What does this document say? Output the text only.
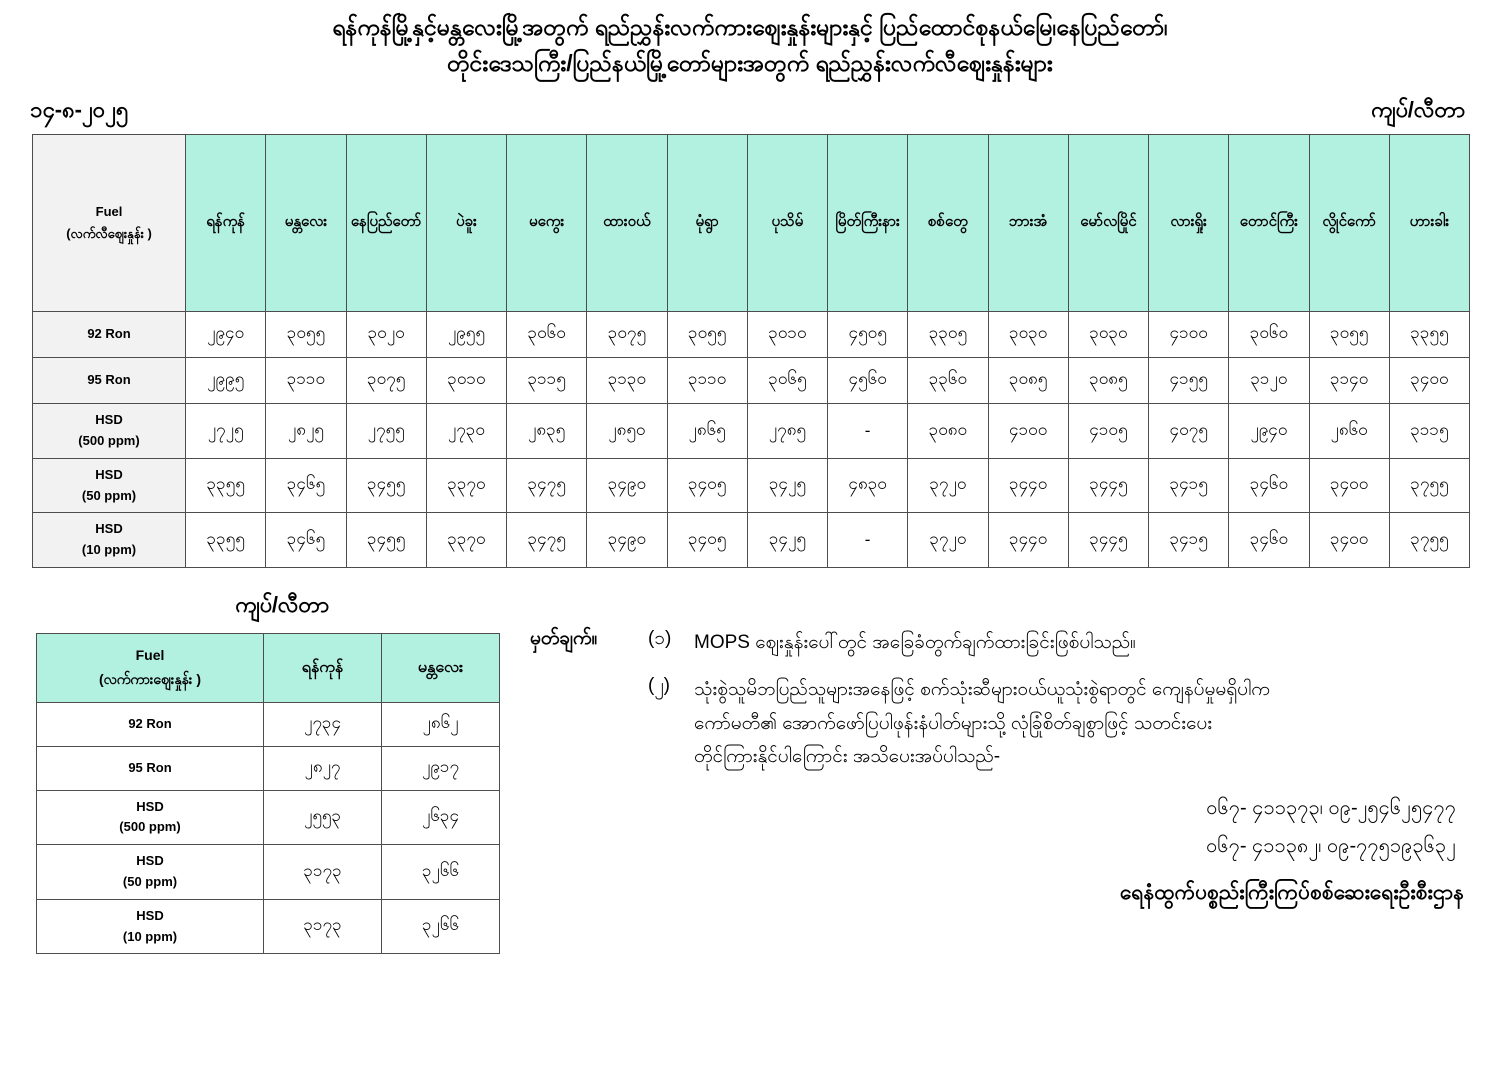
ရန်ကုန်မြို့နှင့်မန္တလေးမြို့အတွက် ရည်ညွှန်းလက်ကားဈေးနှုန်းများနှင့် ပြည်ထောင်စုနယ်မြေ၊နေပြည်တော်၊
တိုင်းဒေသကြီး/ပြည်နယ်မြို့တော်များအတွက် ရည်ညွှန်းလက်လီဈေးနှုန်းများ
၁၄-၈-၂၀၂၅	ကျပ်/လီတာ
Fuel
(လက်လီဈေးနှုန်း )	ရန်ကုန်	မန္တလေး	နေပြည်တော်	ပဲခူး	မကွေး	ထားဝယ်	မုံရွာ	ပုသိမ်	မြိတ်ကြီးနား	စစ်တွေ	ဘားအံ	မော်လမြိုင်	လားရှိုး	တောင်ကြီး	လွိုင်ကော်	ဟားခါး

92 Ron	၂၉၄၀	၃၀၅၅	၃၀၂၀	၂၉၅၅	၃၀၆၀	၃၀၇၅	၃၀၅၅	၃၀၁၀	၄၅၀၅	၃၃၀၅	၃၀၃၀	၃၀၃၀	၄၁၀၀	၃၀၆၀	၃၀၅၅	၃၃၅၅

95 Ron	၂၉၉၅	၃၁၁၀	၃၀၇၅	၃၀၁၀	၃၁၁၅	၃၁၃၀	၃၁၁၀	၃၀၆၅	၄၅၆၀	၃၃၆၀	၃၀၈၅	၃၀၈၅	၄၁၅၅	၃၁၂၀	၃၁၄၀	၃၄၀၀

HSD
(500 ppm)	၂၇၂၅	၂၈၂၅	၂၇၅၅	၂၇၃၀	၂၈၃၅	၂၈၅၀	၂၈၆၅	၂၇၈၅	-	၃၀၈၀	၄၁၀၀	၄၁၀၅	၄၀၇၅	၂၉၄၀	၂၈၆၀	၃၁၁၅

HSD
(50 ppm)	၃၃၅၅	၃၄၆၅	၃၄၅၅	၃၃၇၀	၃၄၇၅	၃၄၉၀	၃၄၀၅	၃၄၂၅	၄၈၃၀	၃၇၂၀	၃၄၄၀	၃၄၄၅	၃၄၁၅	၃၄၆၀	၃၄၀၀	၃၇၅၅

HSD
(10 ppm)	၃၃၅၅	၃၄၆၅	၃၄၅၅	၃၃၇၀	၃၄၇၅	၃၄၉၀	၃၄၀၅	၃၄၂၅	-	၃၇၂၀	၃၄၄၀	၃၄၄၅	၃၄၁၅	၃၄၆၀	၃၄၀၀	၃၇၅၅
ကျပ်/လီတာ
Fuel
(လက်ကားဈေးနှုန်း )	ရန်ကုန်	မန္တလေး

92 Ron	၂၇၃၄	၂၈၆၂

95 Ron	၂၈၂၇	၂၉၁၇

HSD
(500 ppm)	၂၅၅၃	၂၆၃၄

HSD
(50 ppm)	၃၁၇၃	၃၂၆၆

HSD
(10 ppm)	၃၁၇၃	၃၂၆၆
မှတ်ချက်။	(၁)	MOPS ဈေးနှုန်းပေါ်တွင် အခြေခံတွက်ချက်ထားခြင်းဖြစ်ပါသည်။
(၂)	သုံးစွဲသူမိဘပြည်သူများအနေဖြင့် စက်သုံးဆီများဝယ်ယူသုံးစွဲရာတွင် ကျေနပ်မှုမရှိပါက
ကော်မတီ၏ အောက်ဖော်ပြပါဖုန်းနံပါတ်များသို့ လုံခြုံစိတ်ချစွာဖြင့် သတင်းပေး
တိုင်ကြားနိုင်ပါကြောင်း အသိပေးအပ်ပါသည်-
၀၆၇- ၄၁၁၃၇၃၊ ၀၉-၂၅၄၆၂၅၄၇၇
၀၆၇- ၄၁၁၃၈၂၊ ၀၉-၇၇၅၁၉၃၆၃၂
ရေနံထွက်ပစ္စည်းကြီးကြပ်စစ်ဆေးရေးဦးစီးဌာန
